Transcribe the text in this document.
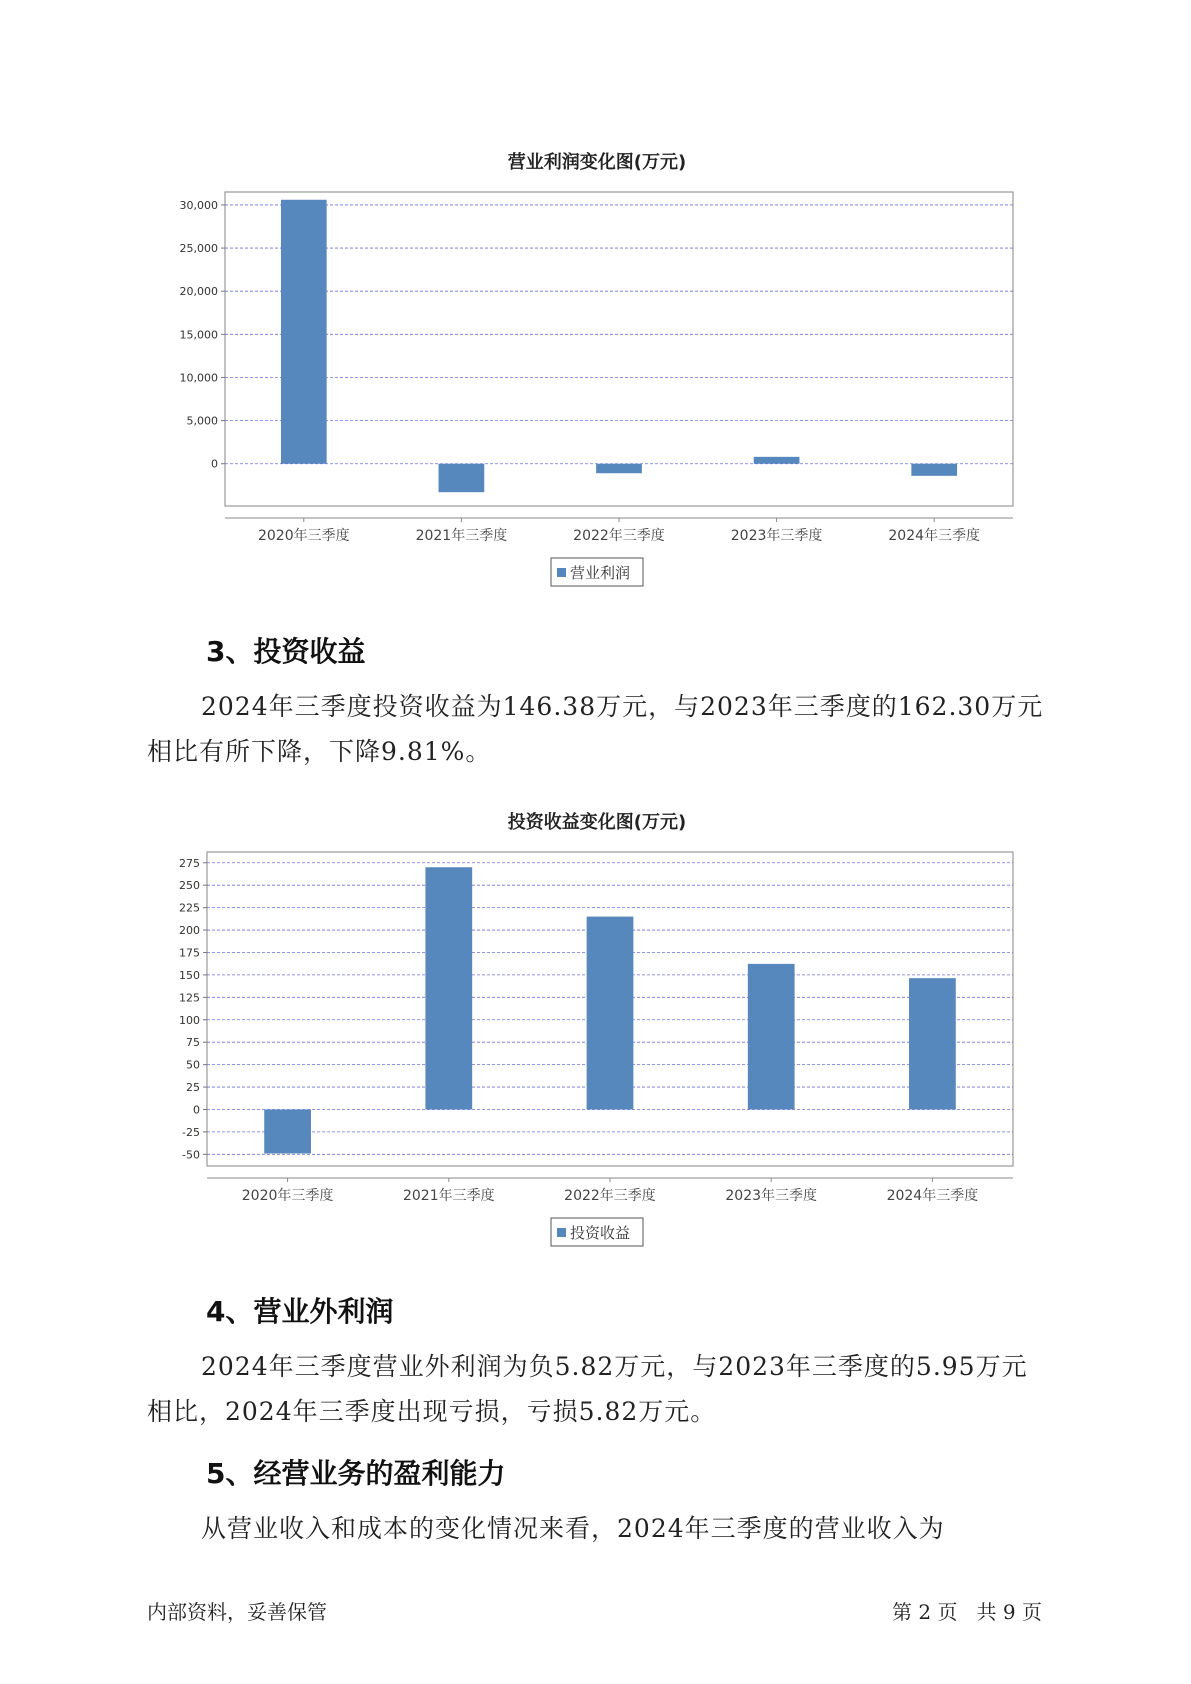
营业利润变化图(万元)
0
5,000
10,000
15,000
20,000
25,000
30,000
2020年三季度	2021年三季度	2022年三季度	2023年三季度	2024年三季度
营业利润
3、投资收益
2024年三季度投资收益为146.38万元，与2023年三季度的162.30万元
相比有所下降，下降9.81%。
投资收益变化图(万元)
-50
-25
0
25
50
75
100
125
150
175
200
225
250
275
2020年三季度	2021年三季度	2022年三季度	2023年三季度	2024年三季度
投资收益
4、营业外利润
2024年三季度营业外利润为负5.82万元，与2023年三季度的5.95万元
相比，2024年三季度出现亏损，亏损5.82万元。
5、经营业务的盈利能力
从营业收入和成本的变化情况来看，2024年三季度的营业收入为
内部资料，妥善保管	第 2 页   共 9 页
